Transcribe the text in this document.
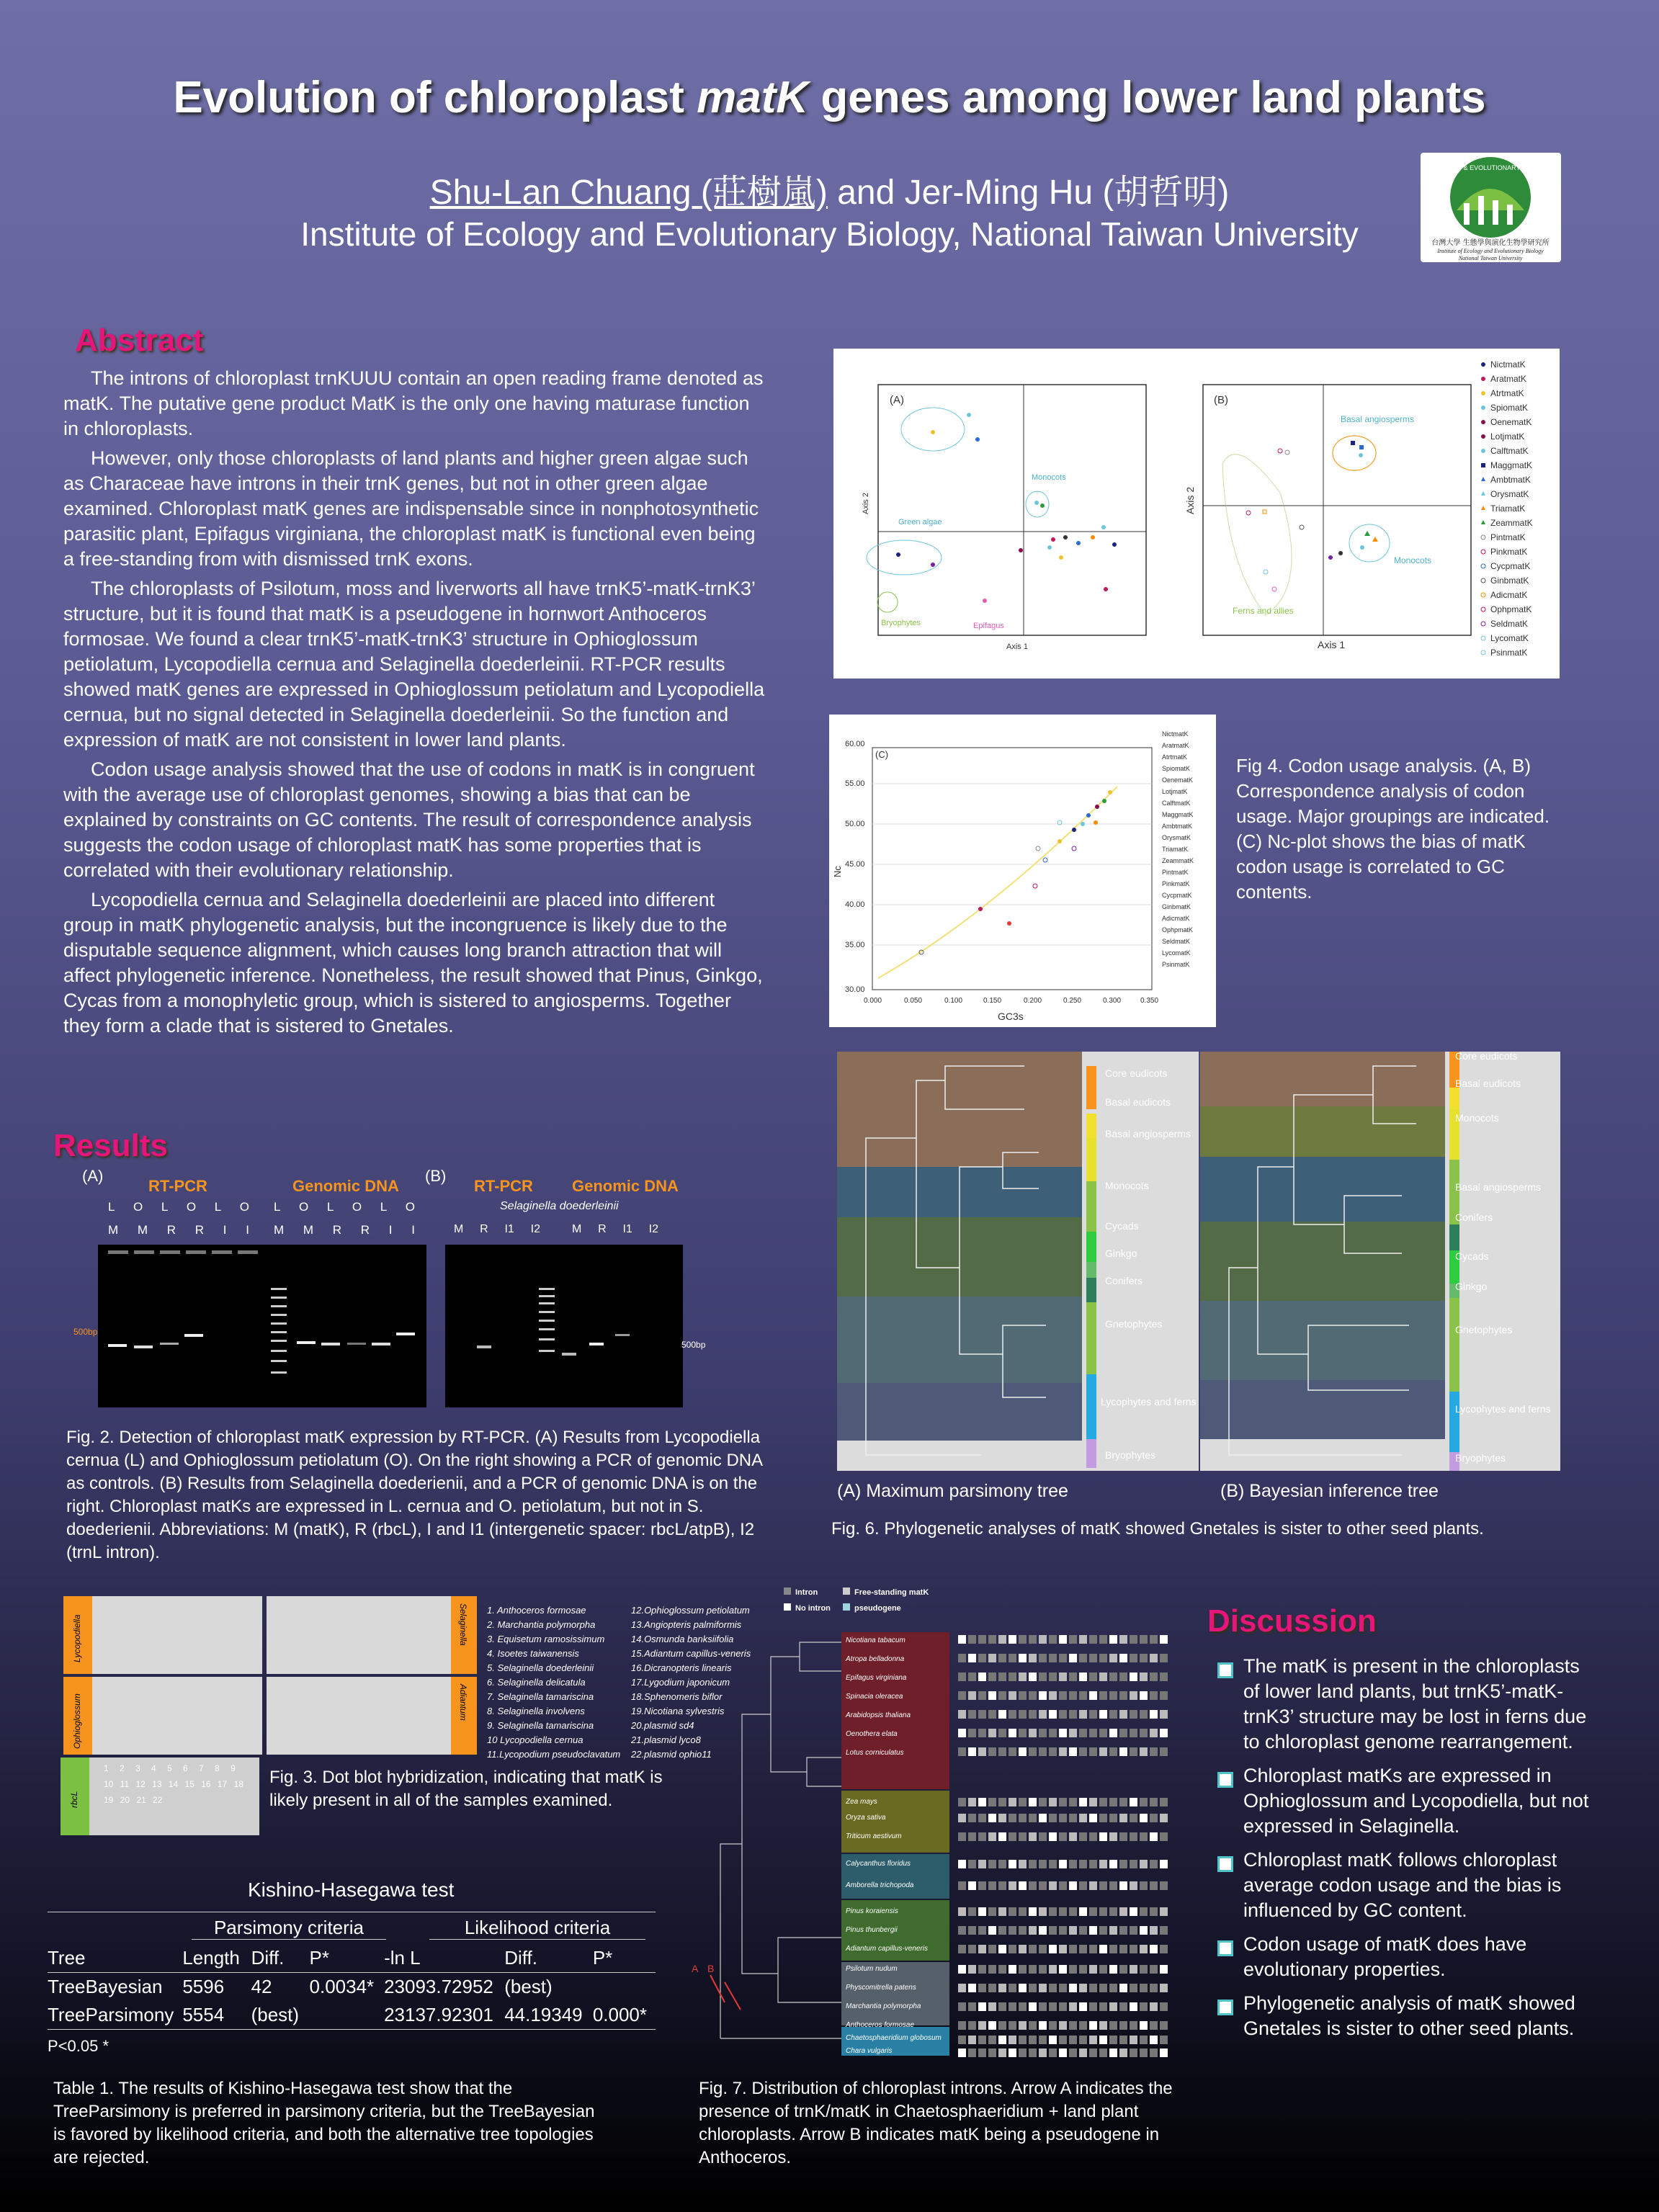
Evolution of chloroplast matK genes among lower land plants
Shu-Lan Chuang (莊樹嵐) and Jer-Ming Hu (胡哲明)
Institute of Ecology and Evolutionary Biology, National Taiwan University
ECOLOGY & EVOLUTIONARY BIOLOGY
台灣大學 生態學與演化生物學研究所
Institute of Ecology and Evolutionary Biology
National Taiwan University
Abstract

The introns of chloroplast trnKUUU contain an open reading frame denoted as matK. The putative gene product MatK is the only one having maturase function in chloroplasts.

However, only those chloroplasts of land plants and higher green algae such as Characeae have introns in their trnK genes, but not in other green algae examined. Chloroplast matK genes are indispensable since in nonphotosynthetic parasitic plant, Epifagus virginiana, the chloroplast matK is functional even being a free-standing from with dismissed trnK exons.

The chloroplasts of Psilotum, moss and liverworts all have trnK5’-matK-trnK3’ structure, but it is found that matK is a pseudogene in hornwort Anthoceros formosae. We found a clear trnK5’-matK-trnK3’ structure in Ophioglossum petiolatum, Lycopodiella cernua and Selaginella doederleinii. RT-PCR results showed matK genes are expressed in Ophioglossum petiolatum and Lycopodiella cernua, but no signal detected in Selaginella doederleinii. So the function and expression of matK are not consistent in lower land plants.

Codon usage analysis showed that the use of codons in matK is in congruent with the average use of chloroplast genomes, showing a bias that can be explained by constraints on GC contents. The result of correspondence analysis suggests the codon usage of chloroplast matK has some properties that is correlated with their evolutionary relationship.

Lycopodiella cernua and Selaginella doederleinii are placed into different group in matK phylogenetic analysis, but the incongruence is likely due to the disputable sequence alignment, which causes long branch attraction that will affect phylogenetic inference. Nonetheless, the result showed that Pinus, Ginkgo, Cycas from a monophyletic group, which is sistered to angiosperms. Together they form a clade that is sistered to Gnetales.

(A)
Axis 1
Axis 2
Monocots
Green algae
Bryophytes	Epifagus
(B)
Axis 1
Axis 2
Basal angiosperms
Monocots
Ferns and allies
NictmatK
AratmatK
AtrtmatK
SpiomatK
OenematK
LotjmatK
CalftmatK
MaggmatK
AmbtmatK
OrysmatK
TriamatK
ZeammatK
PintmatK
PinkmatK
CycpmatK
GinbmatK
AdicmatK
OphpmatK
SeldmatK
LycomatK
PsinmatK
(C)
60.00
55.00
50.00
45.00
40.00
35.00
30.00
0.000	0.050	0.100	0.150	0.200	0.250	0.300	0.350
GC3s
Nc
NictmatK
AratmatK
AtrtmatK
SpiomatK
OenematK
LotjmatK
CalftmatK
MaggmatK
AmbtmatK
OrysmatK
TriamatK
ZeammatK
PintmatK
PinkmatK
CycpmatK
GinbmatK
AdicmatK
OphpmatK
SeldmatK
LycomatK
PsinmatK
Fig 4. Codon usage analysis. (A, B) Correspondence analysis of codon usage. Major groupings are indicated. (C) Nc-plot shows the bias of matK codon usage is correlated to GC contents.
Results
(A)	(B)
RT-PCR	Genomic DNA	RT-PCR Genomic DNA
Selaginella doederleinii
L O L O L O L O L O L O
M M R R I I M M R R I I	M R I1 I2	M R I1 I2
500bp
500bp
Fig. 2. Detection of chloroplast matK expression by RT-PCR. (A) Results from Lycopodiella cernua (L) and Ophioglossum petiolatum (O). On the right showing a PCR of genomic DNA as controls. (B) Results from Selaginella doederienii, and a PCR of genomic DNA is on the right. Chloroplast matKs are expressed in L. cernua and O. petiolatum, but not in S. doederienii. Abbreviations: M (matK), R (rbcL), I and I1 (intergenetic spacer: rbcL/atpB), I2 (trnL intron).
Lycopodiella	Selaginella
Ophioglossum	Adiantum
rbcL
1 2 3 4 5 6 7 8 9
10 11 12 13 14 15 16 17 18
19 20 21 22
1. Anthoceros formosae
2. Marchantia polymorpha
3. Equisetum ramosissimum
4. Isoetes taiwanensis
5. Selaginella doederleinii
6. Selaginella delicatula
7. Selaginella tamariscina
8. Selaginella involvens
9. Selaginella tamariscina
10 Lycopodiella cernua
11.Lycopodium pseudoclavatum
12.Ophioglossum petiolatum
13.Angiopteris palmiformis
14.Osmunda banksiifolia
15.Adiantum capillus-veneris
16.Dicranopteris linearis
17.Lygodium japonicum
18.Sphenomeris biflor
19.Nicotiana sylvestris
20.plasmid sd4
21.plasmid lyco8
22.plasmid ophio11
Fig. 3. Dot blot hybridization, indicating that matK is likely present in all of the samples examined.
Kishino-Hasegawa test
Parsimony criteria	Likelihood criteria
Tree	Length	Diff.	P*	-ln L	Diff.	P*
TreeBayesian	5596	42	0.0034*	23093.72952	(best)	
TreeParsimony	5554	(best)		23137.92301	44.19349	0.000*
P<0.05 *
Table 1. The results of Kishino-Hasegawa test show that the TreeParsimony is preferred in parsimony criteria, but the TreeBayesian is favored by likelihood criteria, and both the alternative tree topologies are rejected.
Core eudicots
Basal eudicots
Basal angiosperms
Monocots
Cycads
Ginkgo
Conifers
Gnetophytes
Lycophytes and ferns
Bryophytes
Core eudicots
Basal eudicots
Monocots
Basal angiosperms
Conifers
Cycads
Ginkgo
Gnetophytes
Lycophytes and ferns
Bryophytes
(A) Maximum parsimony tree	(B) Bayesian inference tree
Fig. 6. Phylogenetic analyses of matK showed Gnetales is sister to other seed plants.
Intron	Free-standing matK
No intron	pseudogene
A B
Nicotiana tabacum
Atropa belladonna
Epifagus virginiana
Spinacia oleracea
Arabidopsis thaliana
Oenothera elata
Lotus corniculatus
Zea mays
Oryza sativa
Triticum aestivum
Calycanthus floridus
Amborella trichopoda
Pinus koraiensis
Pinus thunbergii
Adiantum capillus-veneris
Psilotum nudum
Physcomitrella patens
Marchantia polymorpha
Anthoceros formosae
Chaetosphaeridium globosum
Chara vulgaris
Fig. 7. Distribution of chloroplast introns. Arrow A indicates the presence of trnK/matK in Chaetosphaeridium + land plant chloroplasts. Arrow B indicates matK being a pseudogene in Anthoceros.
Discussion
The matK is present in the chloroplasts of lower land plants, but trnK5’-matK-trnK3’ structure may be lost in ferns due to chloroplast genome rearrangement.
Chloroplast matKs are expressed in Ophioglossum and Lycopodiella, but not expressed in Selaginella.
Chloroplast matK follows chloroplast average codon usage and the bias is influenced by GC content.
Codon usage of matK does have evolutionary properties.
Phylogenetic analysis of matK showed Gnetales is sister to other seed plants.
